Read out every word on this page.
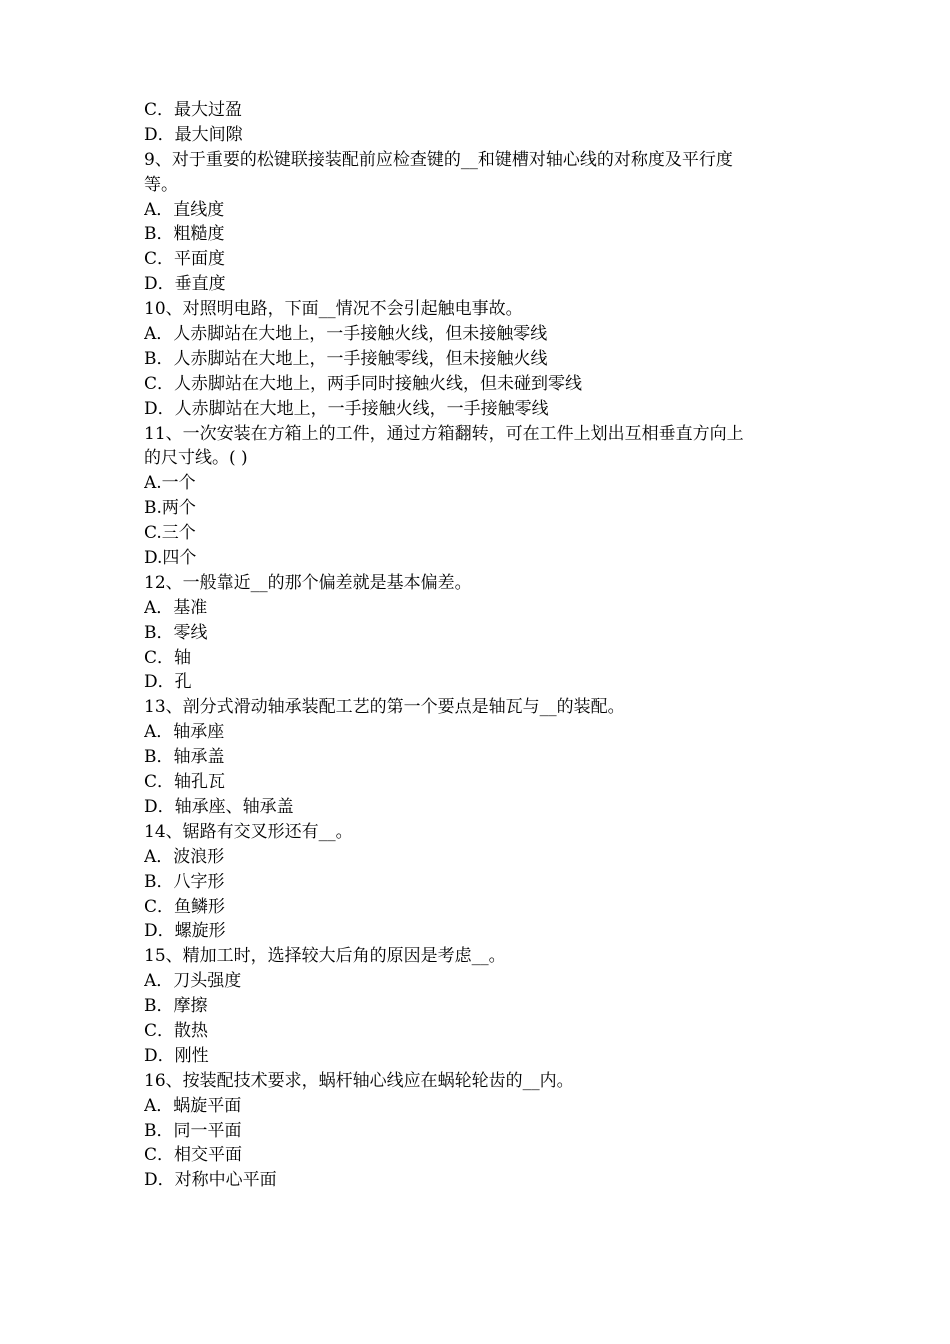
C．最大过盈
D．最大间隙
9、对于重要的松键联接装配前应检查键的__和键槽对轴心线的对称度及平行度
等。
A．直线度
B．粗糙度
C．平面度
D．垂直度
10、对照明电路，下面__情况不会引起触电事故。
A．人赤脚站在大地上，一手接触火线，但未接触零线
B．人赤脚站在大地上，一手接触零线，但未接触火线
C．人赤脚站在大地上，两手同时接触火线，但未碰到零线
D．人赤脚站在大地上，一手接触火线，一手接触零线
11、一次安装在方箱上的工件，通过方箱翻转，可在工件上划出互相垂直方向上
的尺寸线。( )
A.一个
B.两个
C.三个
D.四个
12、一般靠近__的那个偏差就是基本偏差。
A．基准
B．零线
C．轴
D．孔
13、剖分式滑动轴承装配工艺的第一个要点是轴瓦与__的装配。
A．轴承座
B．轴承盖
C．轴孔瓦
D．轴承座、轴承盖
14、锯路有交叉形还有__。
A．波浪形
B．八字形
C．鱼鳞形
D．螺旋形
15、精加工时，选择较大后角的原因是考虑__。
A．刀头强度
B．摩擦
C．散热
D．刚性
16、按装配技术要求，蜗杆轴心线应在蜗轮轮齿的__内。
A．蜗旋平面
B．同一平面
C．相交平面
D．对称中心平面
